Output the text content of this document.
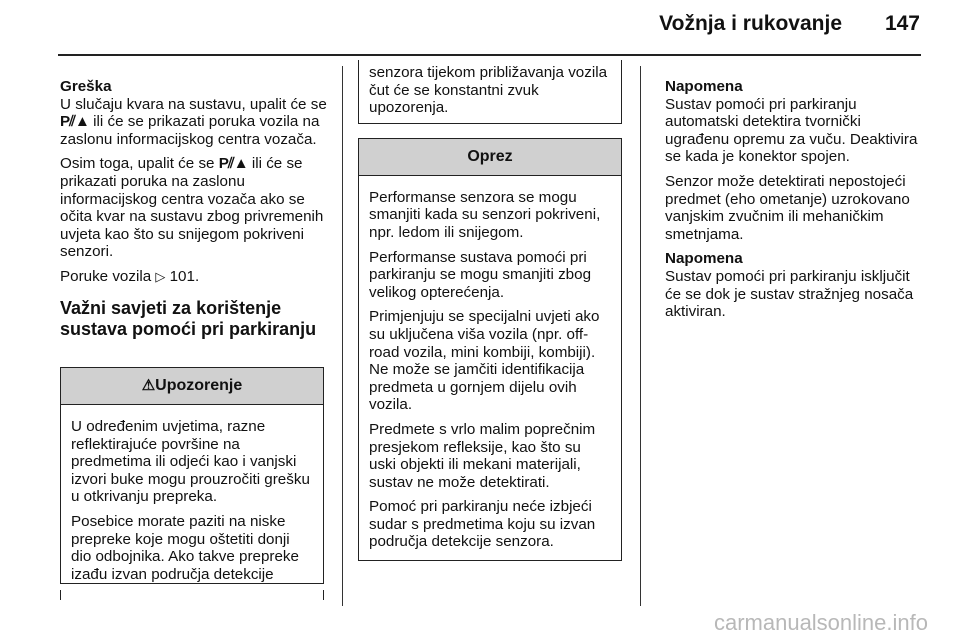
Vožnja i rukovanje 147
Greška

U slučaju kvara na sustavu, upalit će se P⫽▲ ili će se prikazati poruka vozila na zaslonu informacijskog centra vozača.

Osim toga, upalit će se P⫽▲ ili će se prikazati poruka na zaslonu informacijskog centra vozača ako se očita kvar na sustavu zbog privremenih uvjeta kao što su snijegom pokriveni senzori.

Poruke vozila ▷ 101.

Važni savjeti za korištenje sustava pomoći pri parkiranju
⚠Upozorenje

U određenim uvjetima, razne reflektirajuće površine na predmetima ili odjeći kao i vanjski izvori buke mogu prouzročiti grešku u otkrivanju prepreka.

Posebice morate paziti na niske prepreke koje mogu oštetiti donji dio odbojnika. Ako takve prepreke izađu izvan područja detekcije

senzora tijekom približavanja vozila čut će se konstantni zvuk upozorenja.
Oprez

Performanse senzora se mogu smanjiti kada su senzori pokriveni, npr. ledom ili snijegom.

Performanse sustava pomoći pri parkiranju se mogu smanjiti zbog velikog opterećenja.

Primjenjuju se specijalni uvjeti ako su uključena viša vozila (npr. off-road vozila, mini kombiji, kombiji). Ne može se jamčiti identifikacija predmeta u gornjem dijelu ovih vozila.

Predmete s vrlo malim poprečnim presjekom refleksije, kao što su uski objekti ili mekani materijali, sustav ne može detektirati.

Pomoć pri parkiranju neće izbjeći sudar s predmetima koju su izvan područja detekcije senzora.

Napomena

Sustav pomoći pri parkiranju automatski detektira tvornički ugrađenu opremu za vuču. Deaktivira se kada je konektor spojen.

Senzor može detektirati nepostojeći predmet (eho ometanje) uzrokovano vanjskim zvučnim ili mehaničkim smetnjama.

Napomena

Sustav pomoći pri parkiranju isključit će se dok je sustav stražnjeg nosača aktiviran.

carmanualsonline.info
